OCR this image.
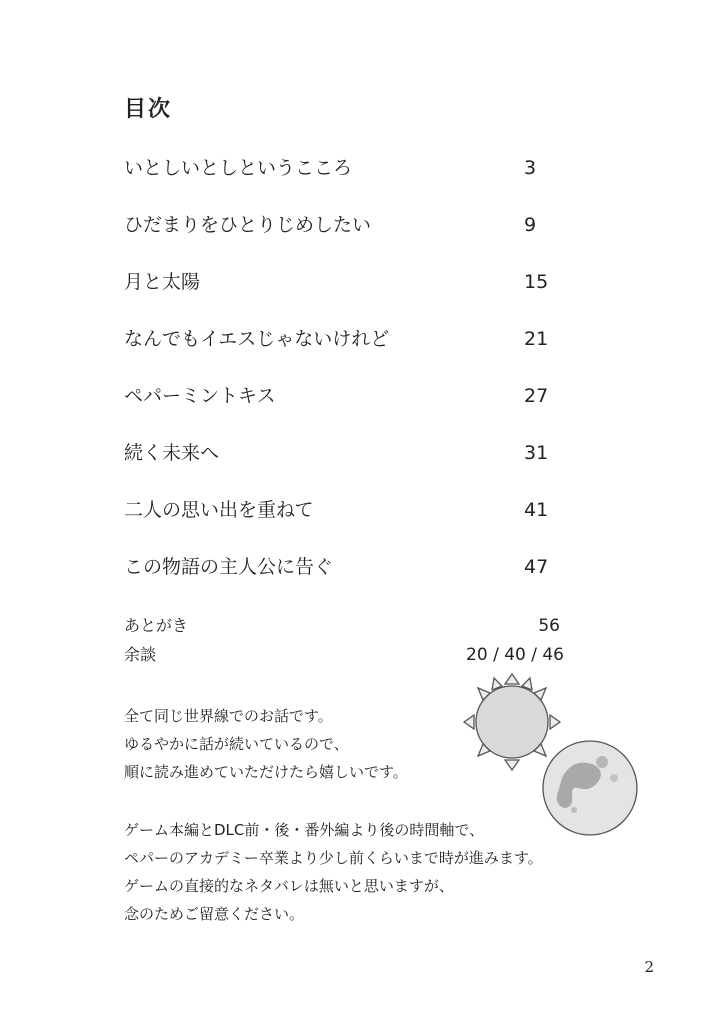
目次
いとしいとしというこころ	3
ひだまりをひとりじめしたい	9
月と太陽	15
なんでもイエスじゃないけれど	21
ペパーミントキス	27
続く未来へ	31
二人の思い出を重ねて	41
この物語の主人公に告ぐ	47
あとがき	56
余談	20 / 40 / 46

全て同じ世界線でのお話です。

ゆるやかに話が続いているので、

順に読み進めていただけたら嬉しいです。

ゲーム本編とDLC前・後・番外編より後の時間軸で、

ペパーのアカデミー卒業より少し前くらいまで時が進みます。

ゲームの直接的なネタバレは無いと思いますが、

念のためご留意ください。

2
